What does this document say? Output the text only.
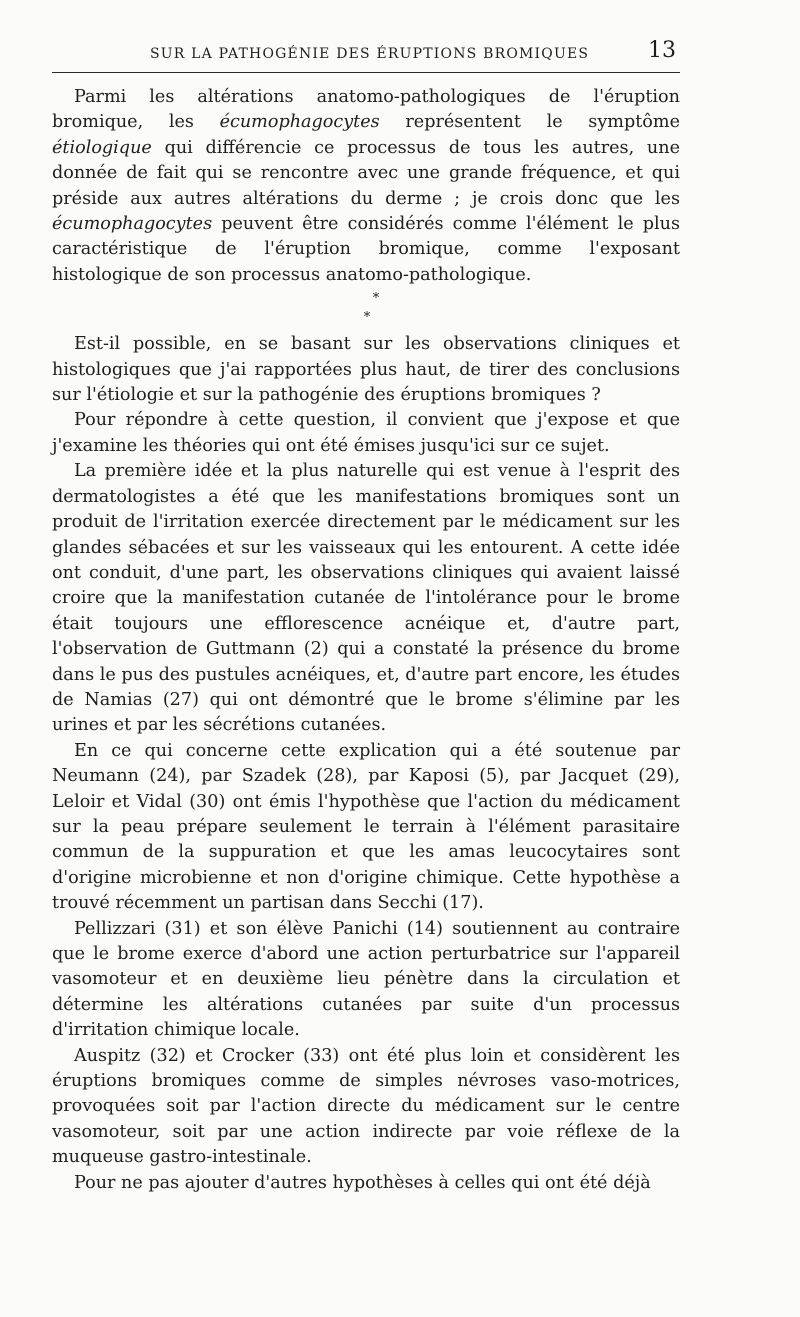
SUR LA PATHOGÉNIE DES ÉRUPTIONS BROMIQUES	13

Parmi les altérations anatomo-pathologiques de l'éruption bromique, les écumophagocytes représentent le symptôme étiologique qui différencie ce processus de tous les autres, une donnée de fait qui se rencontre avec une grande fréquence, et qui préside aux autres altérations du derme ; je crois donc que les écumophagocytes peuvent être considérés comme l'élément le plus caractéristique de l'éruption bromique, comme l'exposant histologique de son processus anatomo-pathologique.

*
*

Est-il possible, en se basant sur les observations cliniques et histologiques que j'ai rapportées plus haut, de tirer des conclusions sur l'étiologie et sur la pathogénie des éruptions bromiques ?

Pour répondre à cette question, il convient que j'expose et que j'examine les théories qui ont été émises jusqu'ici sur ce sujet.

La première idée et la plus naturelle qui est venue à l'esprit des dermatologistes a été que les manifestations bromiques sont un produit de l'irritation exercée directement par le médicament sur les glandes sébacées et sur les vaisseaux qui les entourent. A cette idée ont conduit, d'une part, les observations cliniques qui avaient laissé croire que la manifestation cutanée de l'intolérance pour le brome était toujours une efflorescence acnéique et, d'autre part, l'observation de Guttmann (2) qui a constaté la présence du brome dans le pus des pustules acnéiques, et, d'autre part encore, les études de Namias (27) qui ont démontré que le brome s'élimine par les urines et par les sécrétions cutanées.

En ce qui concerne cette explication qui a été soutenue par Neumann (24), par Szadek (28), par Kaposi (5), par Jacquet (29), Leloir et Vidal (30) ont émis l'hypothèse que l'action du médicament sur la peau prépare seulement le terrain à l'élément parasitaire commun de la suppuration et que les amas leucocytaires sont d'origine microbienne et non d'origine chimique. Cette hypothèse a trouvé récemment un partisan dans Secchi (17).

Pellizzari (31) et son élève Panichi (14) soutiennent au contraire que le brome exerce d'abord une action perturbatrice sur l'appareil vasomoteur et en deuxième lieu pénètre dans la circulation et détermine les altérations cutanées par suite d'un processus d'irritation chimique locale.

Auspitz (32) et Crocker (33) ont été plus loin et considèrent les éruptions bromiques comme de simples névroses vaso-motrices, provoquées soit par l'action directe du médicament sur le centre vasomoteur, soit par une action indirecte par voie réflexe de la muqueuse gastro-intestinale.

Pour ne pas ajouter d'autres hypothèses à celles qui ont été déjà
